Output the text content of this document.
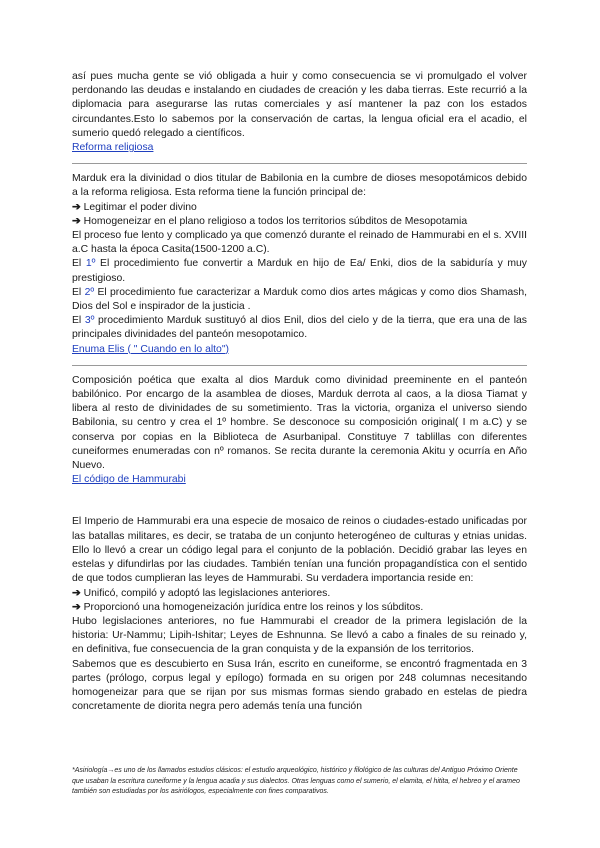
así pues mucha gente se vió obligada a huir y como consecuencia se vi promulgado el volver perdonando las deudas e instalando en ciudades de creación y les daba tierras. Este recurrió a la diplomacia para asegurarse las rutas comerciales y así mantener la paz con los estados circundantes.Esto lo sabemos por la conservación de cartas, la lengua oficial era el acadio, el sumerio quedó relegado a científicos.

Reforma religiosa

Marduk era la divinidad o dios titular de Babilonia en la cumbre de dioses mesopotámicos debido a la reforma religiosa. Esta reforma tiene la función principal de:

➔ Legitimar el poder divino

➔ Homogeneizar en el plano religioso a todos los territorios súbditos de Mesopotamia

El proceso fue lento y complicado ya que comenzó durante el reinado de Hammurabi en el s. XVIII a.C hasta la época Casita(1500-1200 a.C).

El 1º El procedimiento fue convertir a Marduk en hijo de Ea/ Enki, dios de la sabiduría y muy prestigioso.

El 2º El procedimiento fue caracterizar a Marduk como dios artes mágicas y como dios Shamash, Dios del Sol e inspirador de la justicia .

El 3º procedimiento Marduk sustituyó al dios Enil, dios del cielo y de la tierra, que era una de las principales divinidades del panteón mesopotamico.

Enuma Elis ( " Cuando en lo alto")

Composición poética que exalta al dios Marduk como divinidad preeminente en el panteón babilónico. Por encargo de la asamblea de dioses, Marduk derrota al caos, a la diosa Tiamat y libera al resto de divinidades de su sometimiento. Tras la victoria, organiza el universo siendo Babilonia, su centro y crea el 1º hombre. Se desconoce su composición original( I m a.C) y se conserva por copias en la Biblioteca de Asurbanipal. Constituye 7 tablillas con diferentes cuneiformes enumeradas con nº romanos. Se recita durante la ceremonia Akitu y ocurría en Año Nuevo.

El código de Hammurabi

El Imperio de Hammurabi era una especie de mosaico de reinos o ciudades-estado unificadas por las batallas militares, es decir, se trataba de un conjunto heterogéneo de culturas y etnias unidas. Ello lo llevó a crear un código legal para el conjunto de la población. Decidió grabar las leyes en estelas y difundirlas por las ciudades. También tenían una función propagandística con el sentido de que todos cumplieran las leyes de Hammurabi. Su verdadera importancia reside en:

➔ Unificó, compiló y adoptó las legislaciones anteriores.

➔ Proporcionó una homogeneización jurídica entre los reinos y los súbditos.

Hubo legislaciones anteriores, no fue Hammurabi el creador de la primera legislación de la historia: Ur-Nammu; Lipih-Ishitar; Leyes de Eshnunna. Se llevó a cabo a finales de su reinado y, en definitiva, fue consecuencia de la gran conquista y de la expansión de los territorios.

Sabemos que es descubierto en Susa Irán, escrito en cuneiforme, se encontró fragmentada en 3 partes (prólogo, corpus legal y epílogo) formada en su origen por 248 columnas necesitando homogeneizar para que se rijan por sus mismas formas siendo grabado en estelas de piedra concretamente de diorita negra pero además tenía una función

*Asiriología→es uno de los llamados estudios clásicos: el estudio arqueológico, histórico y filológico de las culturas del Antiguo Próximo Oriente que usaban la escritura cuneiforme y la lengua acadia y sus dialectos. Otras lenguas como el sumerio, el elamita, el hitita, el hebreo y el arameo también son estudiadas por los asiriólogos, especialmente con fines comparativos.
